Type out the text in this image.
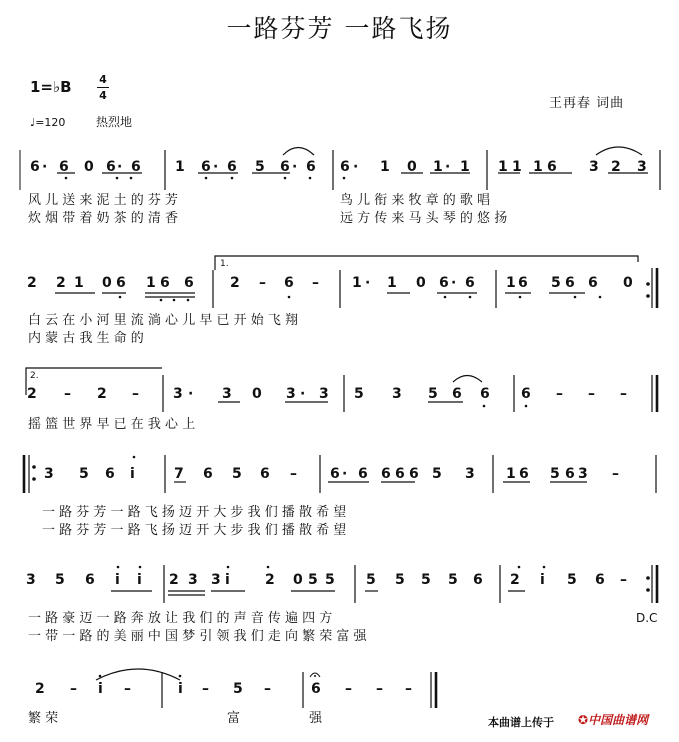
一路芬芳 一路飞扬
1=♭B	4
4
♩=120	热烈地
王再春 词曲
1.
2.
6 · 6 0 6 · 6 1 6 · 6 5 6 · 6 6 · 1 0 1 · 1 1 1 1 6 3 2 3
2 2 1 0 6 1 6 6	2 – 6 – 1 · 1 0 6 · 6 1 6 5 6 6 0
2 – 2 – 3 · 3 0 3 · 3 5 3 5 6 6 6 – – –
3 5 6 i	7 6 5 6 – 6 · 6 6 6 6 5 3 1 6 5 6 3 –
3 5 6 i i 2 3 3 i	2 0 5 5 5 5 5 5 6 2 i 5 6 –
2 – i –	i – 5 –	6 – – –
风 儿 送 来 泥 土 的 芬 芳	鸟 儿 衔 来 牧 章 的 歌 唱
炊 烟 带 着 奶 茶 的 清 香	远 方 传 来 马 头 琴 的 悠 扬
白 云 在 小 河 里 流 淌 心 儿 早 已 开 始 飞 翔
内 蒙 古 我 生 命 的
摇 篮 世 界 早 已 在 我 心 上
一 路 芬 芳 一 路 飞 扬 迈 开 大 步 我 们 播 散 希 望
一 路 芬 芳 一 路 飞 扬 迈 开 大 步 我 们 播 散 希 望
一 路 豪 迈 一 路 奔 放 让 我 们 的 声 音 传 遍 四 方
一 带 一 路 的 美 丽 中 国 梦 引 领 我 们 走 向 繁 荣 富 强
D.C
繁 荣	富	强	本曲谱上传于 ✪中国曲谱网
